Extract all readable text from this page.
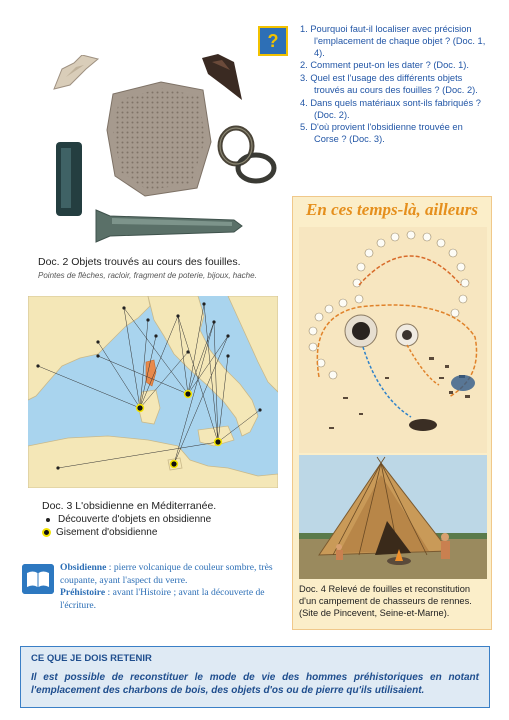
Doc. 2 Objets trouvés au cours des fouilles.
Pointes de flèches, racloir, fragment de poterie, bijoux, hache.
?
1. Pourquoi faut-il localiser avec précision l'emplacement de chaque objet ? (Doc. 1, 4).
2. Comment peut-on les dater ? (Doc. 1).
3. Quel est l'usage des différents objets trouvés au cours des fouilles ? (Doc. 2).
4. Dans quels matériaux sont-ils fabriqués ? (Doc. 2).
5. D'où provient l'obsidienne trouvée en Corse ? (Doc. 3).
Doc. 3 L'obsidienne en Méditerranée.
Découverte d'objets en obsidienne
Gisement d'obsidienne
Obsidienne : pierre volcanique de couleur sombre, très coupante, ayant l'aspect du verre.
Préhistoire : avant l'Histoire ; avant la découverte de l'écriture.
En ces temps-là, ailleurs
Doc. 4 Relevé de fouilles et reconstitution d'un campement de chasseurs de rennes. (Site de Pincevent, Seine-et-Marne).
CE QUE JE DOIS RETENIR
Il est possible de reconstituer le mode de vie des hommes préhistoriques en notant l'emplacement des charbons de bois, des objets d'os ou de pierre qu'ils utilisaient.
